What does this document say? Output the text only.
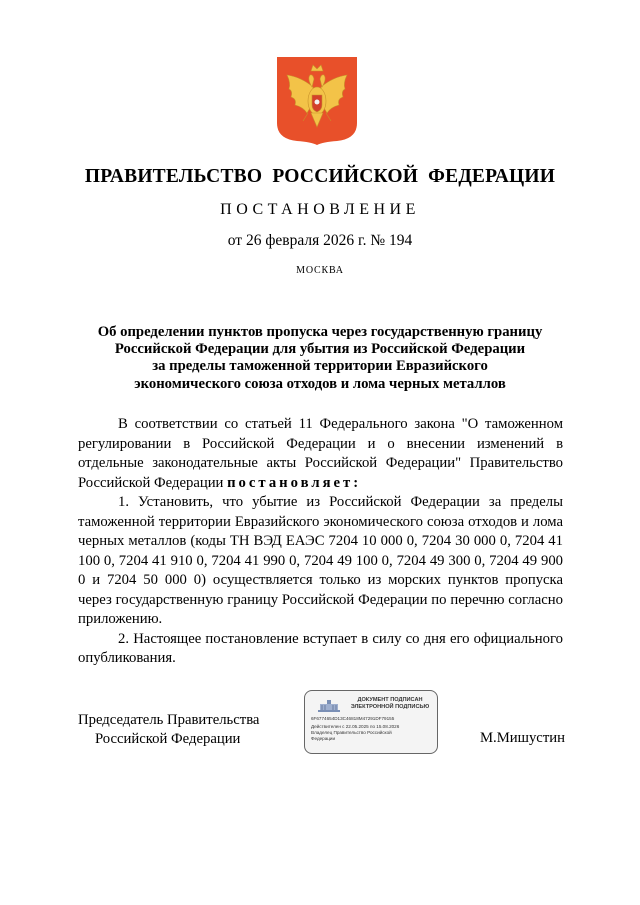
ПРАВИТЕЛЬСТВО РОССИЙСКОЙ ФЕДЕРАЦИИ
ПОСТАНОВЛЕНИЕ
от 26 февраля 2026 г. № 194
МОСКВА
Об определении пунктов пропуска через государственную границу
Российской Федерации для убытия из Российской Федерации
за пределы таможенной территории Евразийского
экономического союза отходов и лома черных металлов

В соответствии со статьей 11 Федерального закона "О таможенном регулировании в Российской Федерации и о внесении изменений в отдельные законодательные акты Российской Федерации" Правительство Российской Федерации постановляет:

1. Установить, что убытие из Российской Федерации за пределы таможенной территории Евразийского экономического союза отходов и лома черных металлов (коды ТН ВЭД ЕАЭС 7204 10 000 0, 7204 30 000 0, 7204 41 100 0, 7204 41 910 0, 7204 41 990 0, 7204 49 100 0, 7204 49 300 0, 7204 49 900 0 и 7204 50 000 0) осуществляется только из морских пунктов пропуска через государственную границу Российской Федерации по перечню согласно приложению.

2. Настоящее постановление вступает в силу со дня его официального опубликования.

Председатель Правительства
Российской Федерации
ДОКУМЕНТ ПОДПИСАН
ЭЛЕКТРОННОЙ ПОДПИСЬЮ
6F6774654D13C46818M47291DF79155
Действителен с 22.05.2025 по 15.08.2026
Владелец Правительство Российской
Федерации	М.Мишустин
